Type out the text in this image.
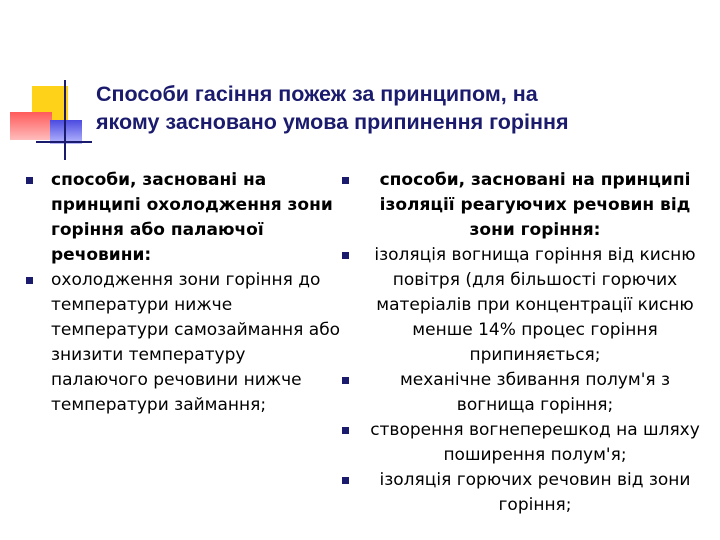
Способи гасіння пожеж за принципом, на
якому засновано умова припинення горіння
способи, засновані на принципі охолодження зони горіння або палаючої речовини:
охолодження зони горіння до температури нижче температури самозаймання або знизити температуру палаючого речовини нижче температури займання;
способи, засновані на принципі ізоляції реагуючих речовин від зони горіння:
ізоляція вогнища горіння від кисню повітря (для більшості горючих матеріалів при концентрації кисню менше 14% процес горіння припиняється;
механічне збивання полум'я з вогнища горіння;
створення вогнеперешкод на шляху поширення полум'я;
ізоляція горючих речовин від зони горіння;
